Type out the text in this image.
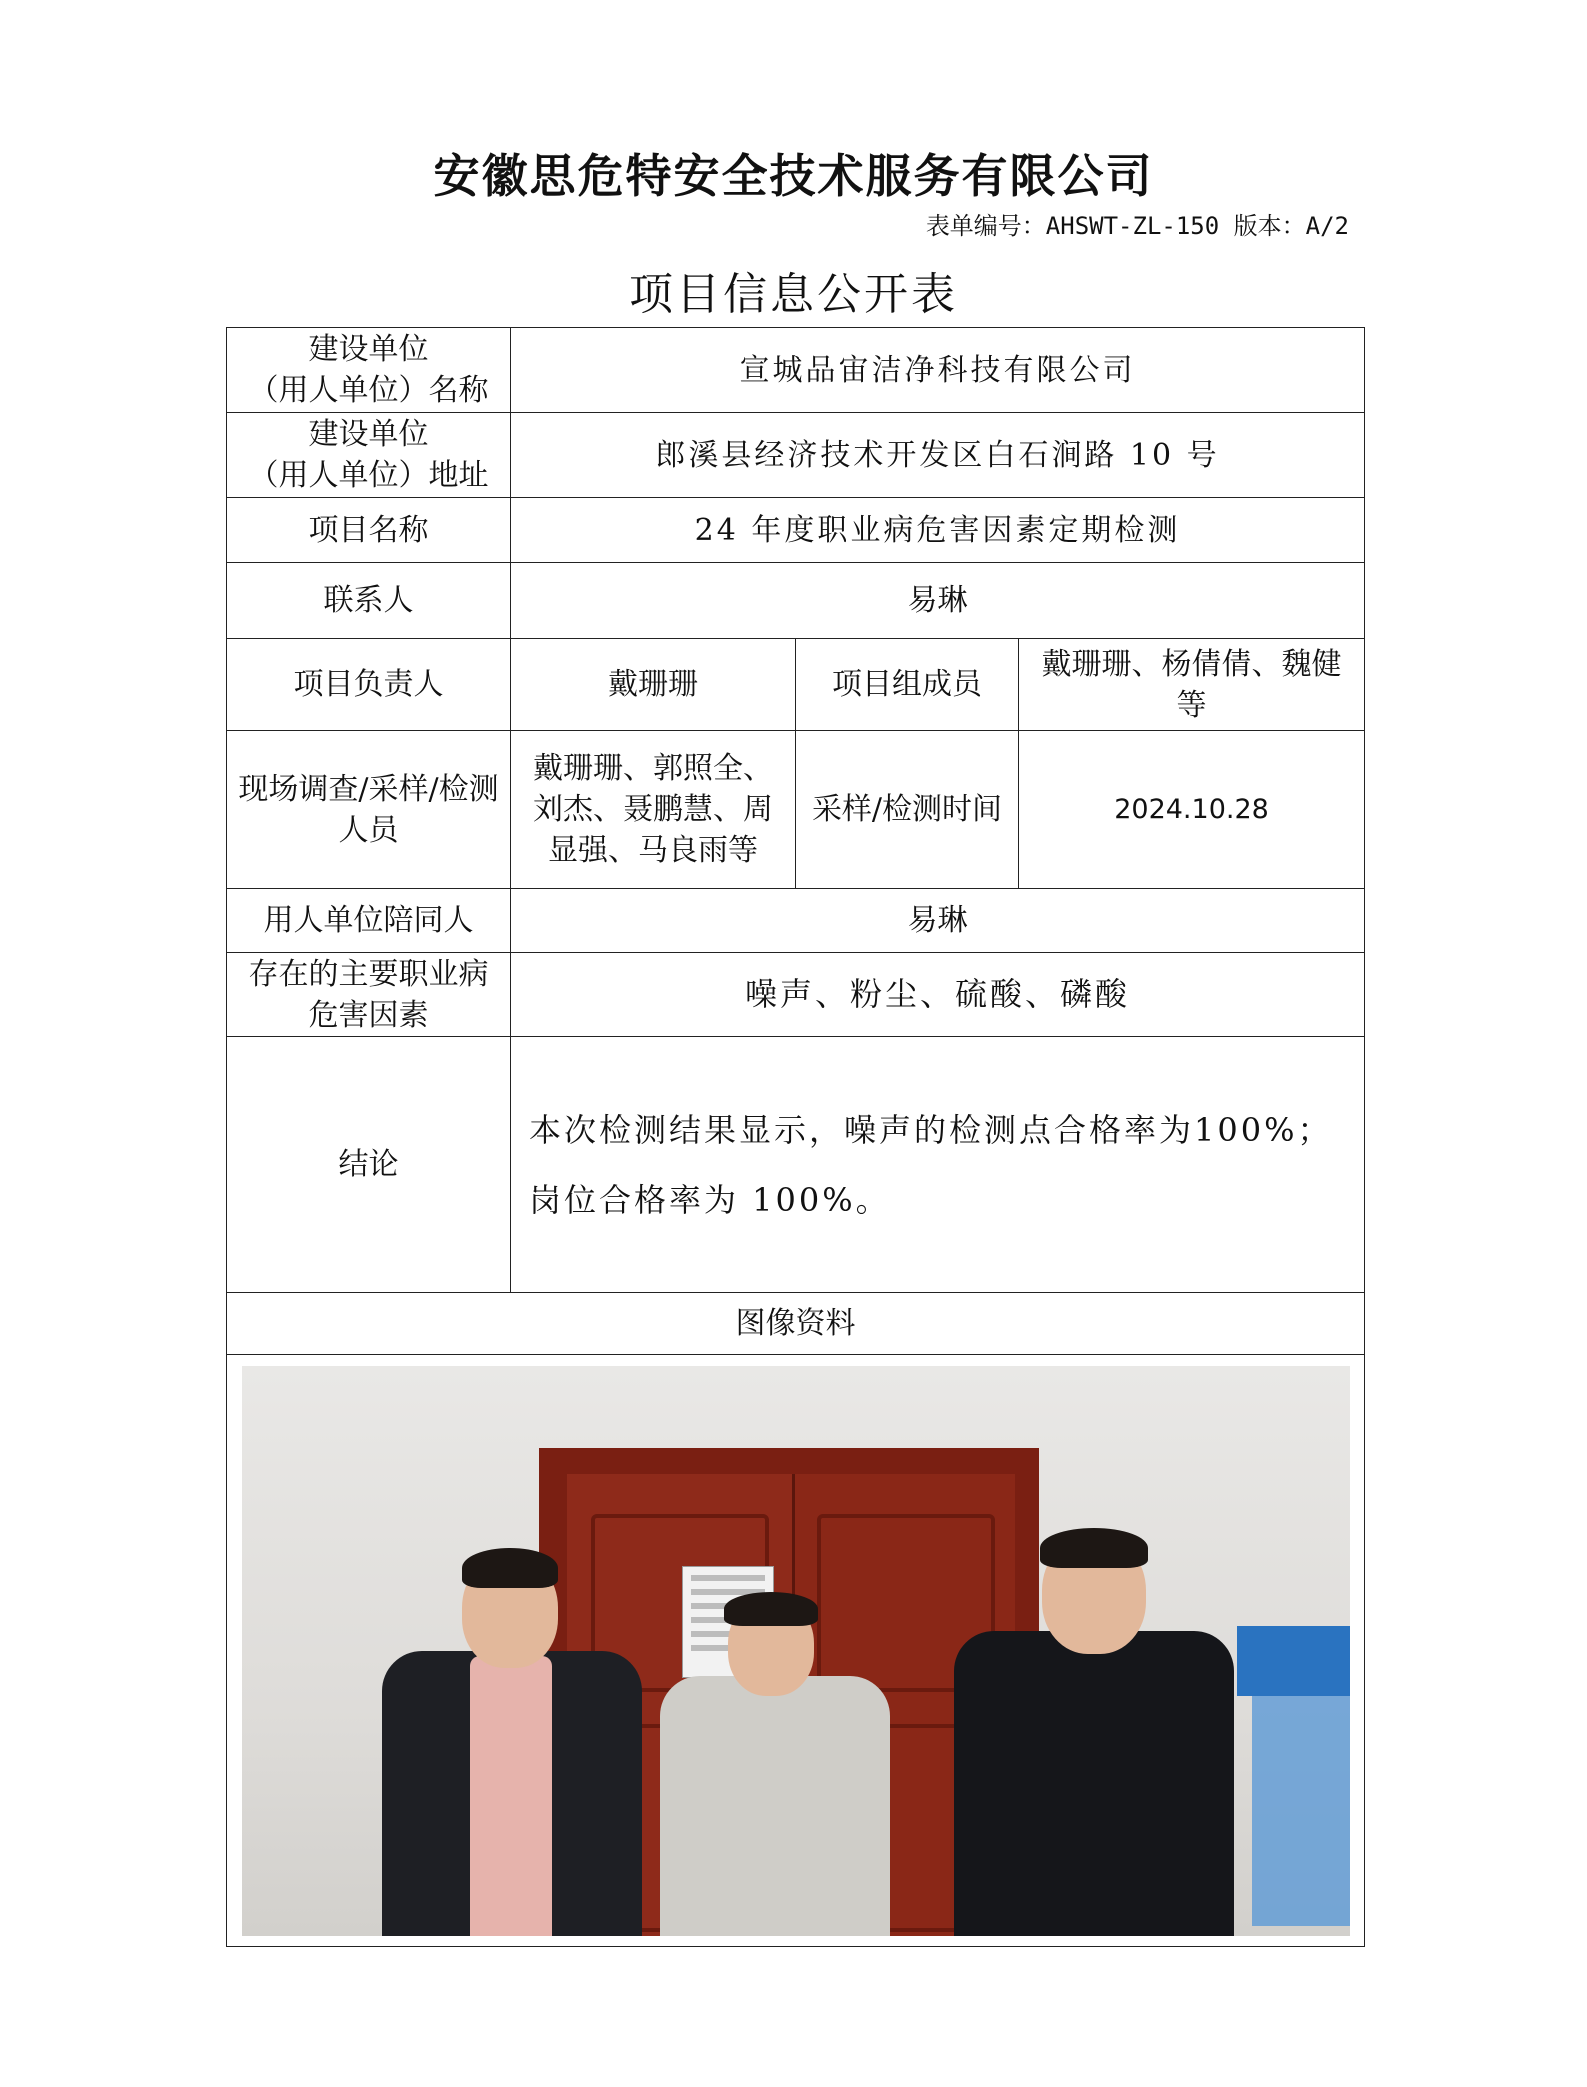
安徽思危特安全技术服务有限公司
表单编号：AHSWT-ZL-150 版本：A/2
项目信息公开表
建设单位
（用人单位）名称	宣城品宙洁净科技有限公司		
建设单位
（用人单位）地址	郎溪县经济技术开发区白石涧路 10 号		
项目名称	24 年度职业病危害因素定期检测		
联系人	易琳		
项目负责人	戴珊珊	项目组成员	戴珊珊、杨倩倩、魏健等
现场调查/采样/检测人员	戴珊珊、郭照全、刘杰、聂鹏慧、周显强、马良雨等	采样/检测时间	2024.10.28
用人单位陪同人	易琳		
存在的主要职业病危害因素	噪声、粉尘、硫酸、磷酸		
结论	本次检测结果显示，噪声的检测点合格率为100%；岗位合格率为 100%。		
图像资料			
